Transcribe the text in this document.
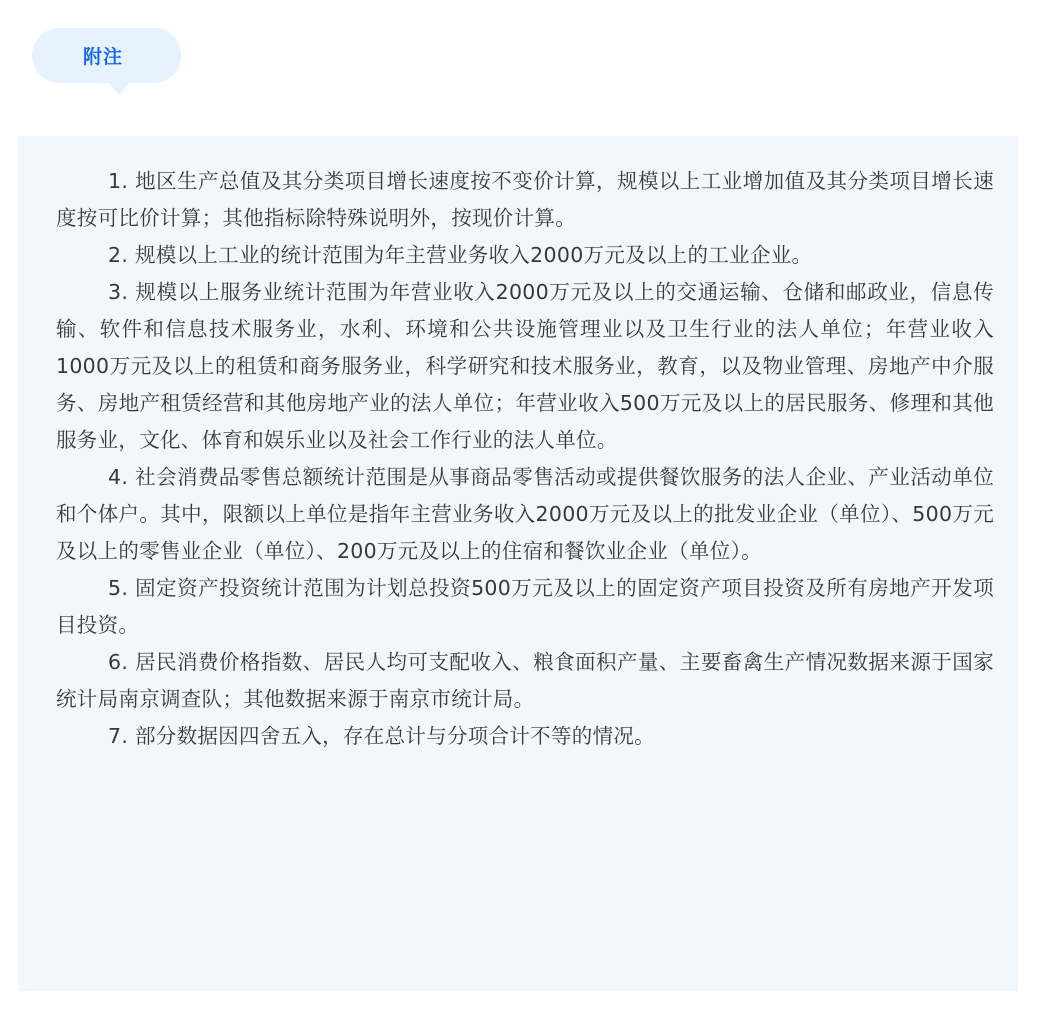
附注

1. 地区生产总值及其分类项目增长速度按不变价计算，规模以上工业增加值及其分类项目增长速度按可比价计算；其他指标除特殊说明外，按现价计算。

2. 规模以上工业的统计范围为年主营业务收入2000万元及以上的工业企业。

3. 规模以上服务业统计范围为年营业收入2000万元及以上的交通运输、仓储和邮政业，信息传输、软件和信息技术服务业，水利、环境和公共设施管理业以及卫生行业的法人单位；年营业收入1000万元及以上的租赁和商务服务业，科学研究和技术服务业，教育，以及物业管理、房地产中介服务、房地产租赁经营和其他房地产业的法人单位；年营业收入500万元及以上的居民服务、修理和其他服务业，文化、体育和娱乐业以及社会工作行业的法人单位。

4. 社会消费品零售总额统计范围是从事商品零售活动或提供餐饮服务的法人企业、产业活动单位和个体户。其中，限额以上单位是指年主营业务收入2000万元及以上的批发业企业（单位）、500万元及以上的零售业企业（单位）、200万元及以上的住宿和餐饮业企业（单位）。

5. 固定资产投资统计范围为计划总投资500万元及以上的固定资产项目投资及所有房地产开发项目投资。

6. 居民消费价格指数、居民人均可支配收入、粮食面积产量、主要畜禽生产情况数据来源于国家统计局南京调查队；其他数据来源于南京市统计局。

7. 部分数据因四舍五入，存在总计与分项合计不等的情况。
